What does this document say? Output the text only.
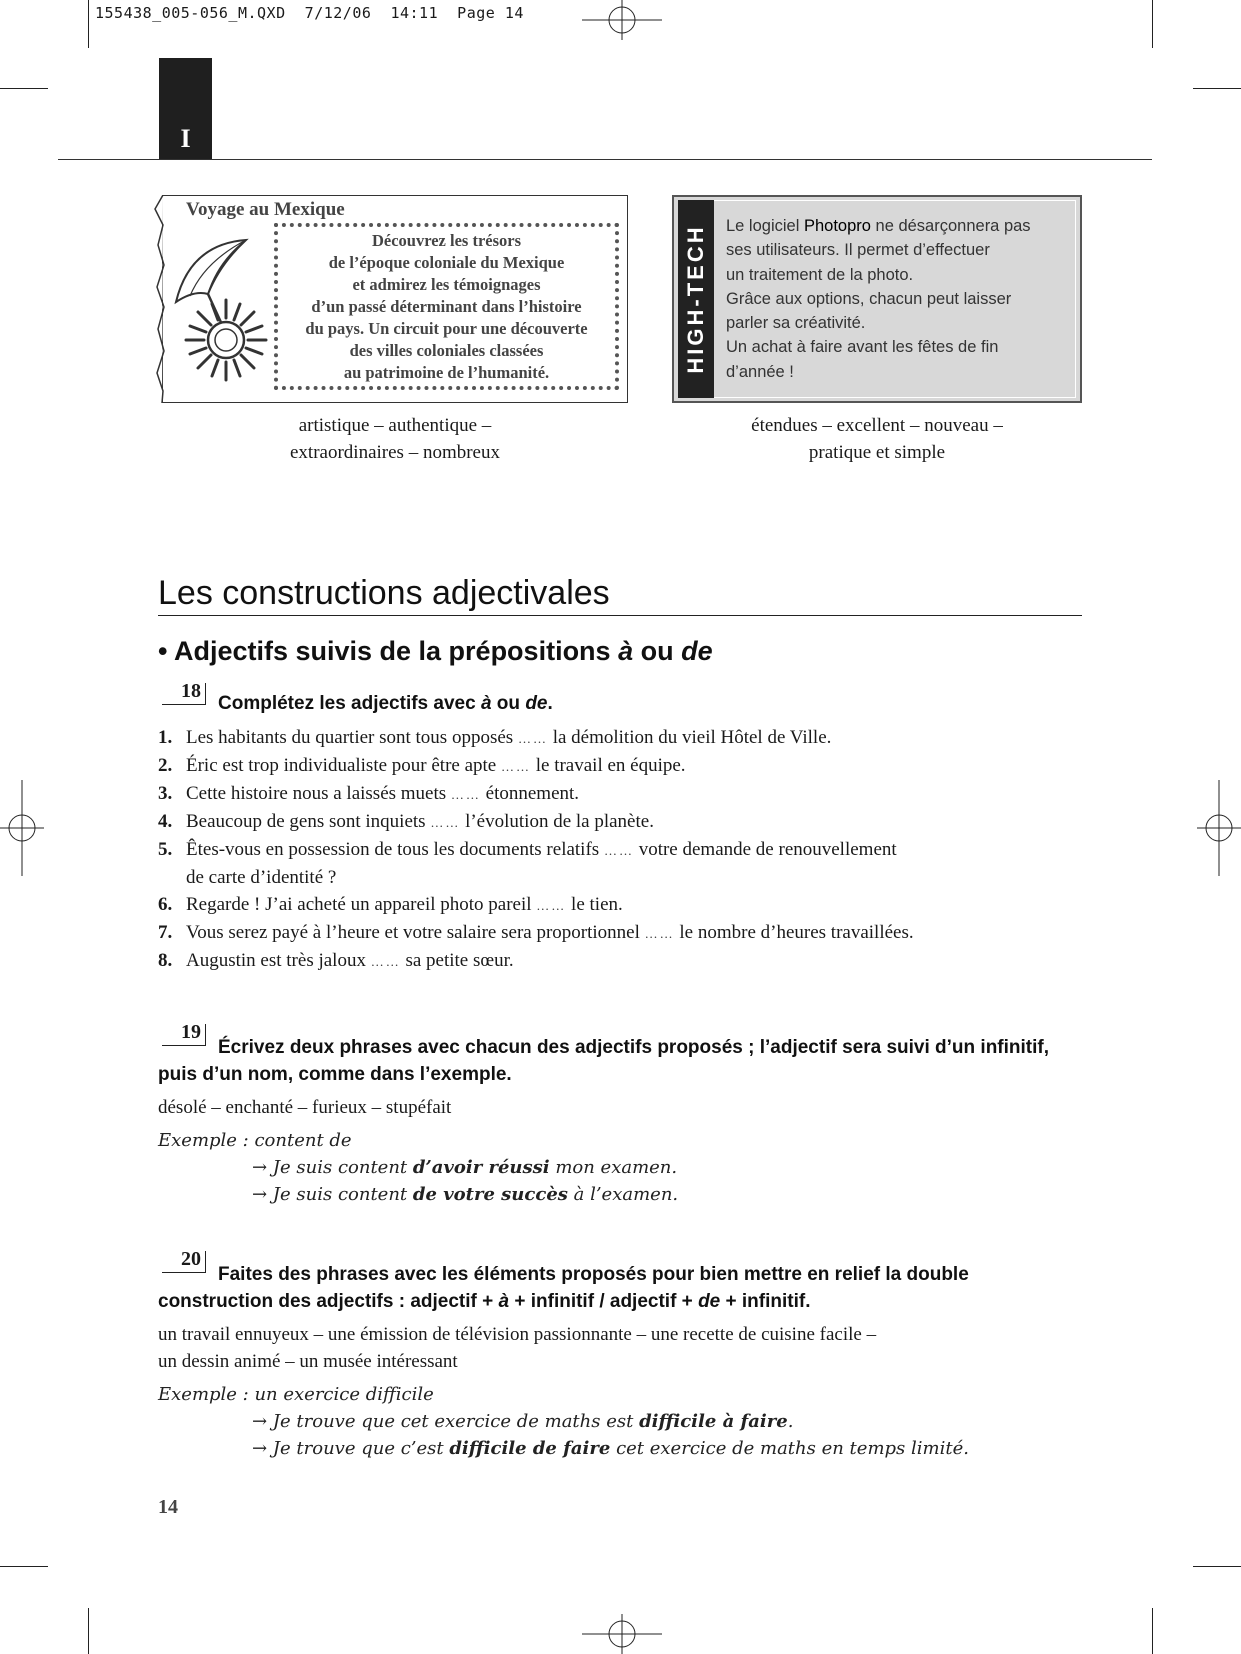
155438_005-056_M.QXD  7/12/06  14:11  Page 14
I
Voyage au Mexique
Découvrez les trésors
de l’époque coloniale du Mexique
et admirez les témoignages
d’un passé déterminant dans l’histoire
du pays. Un circuit pour une découverte
des villes coloniales classées
au patrimoine de l’humanité.
artistique – authentique –
extraordinaires – nombreux
HIGH-TECH Le logiciel Photopro ne désarçonnera pas
ses utilisateurs. Il permet d’effectuer
un traitement de la photo.
Grâce aux options, chacun peut laisser
parler sa créativité.
Un achat à faire avant les fêtes de fin
d’année !
étendues – excellent – nouveau –
pratique et simple
Les constructions adjectivales
• Adjectifs suivis de la prépositions à ou de
18
Complétez les adjectifs avec à ou de.
1. Les habitants du quartier sont tous opposés …… la démolition du vieil Hôtel de Ville.
2. Éric est trop individualiste pour être apte …… le travail en équipe.
3. Cette histoire nous a laissés muets …… étonnement.
4. Beaucoup de gens sont inquiets …… l’évolution de la planète.
5. Êtes-vous en possession de tous les documents relatifs …… votre demande de renouvellement
de carte d’identité ?
6. Regarde ! J’ai acheté un appareil photo pareil …… le tien.
7. Vous serez payé à l’heure et votre salaire sera proportionnel …… le nombre d’heures travaillées.
8. Augustin est très jaloux …… sa petite sœur.
19
Écrivez deux phrases avec chacun des adjectifs proposés ; l’adjectif sera suivi d’un infinitif,
puis d’un nom, comme dans l’exemple.
désolé – enchanté – furieux – stupéfait
Exemple : content de
→ Je suis content d’avoir réussi mon examen.
→ Je suis content de votre succès à l’examen.
20
Faites des phrases avec les éléments proposés pour bien mettre en relief la double
construction des adjectifs : adjectif + à + infinitif / adjectif + de + infinitif.
un travail ennuyeux – une émission de télévision passionnante – une recette de cuisine facile –
un dessin animé – un musée intéressant
Exemple : un exercice difficile
→ Je trouve que cet exercice de maths est difficile à faire.
→ Je trouve que c’est difficile de faire cet exercice de maths en temps limité.
14
